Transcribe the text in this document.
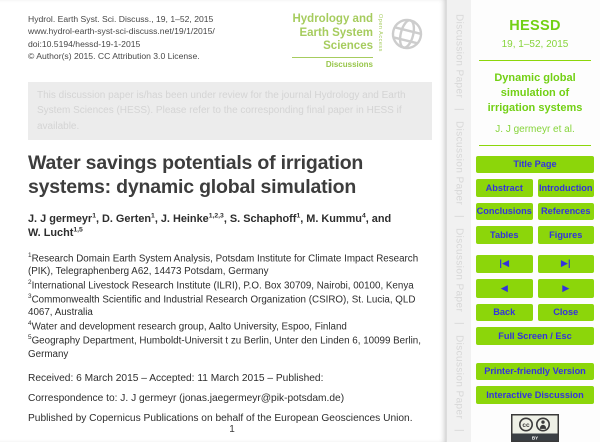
Hydrol. Earth Syst. Sci. Discuss., 19, 1–52, 2015
www.hydrol-earth-syst-sci-discuss.net/19/1/2015/
doi:10.5194/hessd-19-1-2015
© Author(s) 2015. CC Attribution 3.0 License.
Hydrology and
Earth System
Sciences
Discussions
Open Access
This discussion paper is/has been under review for the journal Hydrology and Earth System Sciences (HESS). Please refer to the corresponding final paper in HESS if available.
Water savings potentials of irrigation
systems: dynamic global simulation
J. J germeyr$^1$, D. Gerten$^1$, J. Heinke$^{1,2,3}$, S. Schaphoff$^1$, M. Kummu$^4$, and
W. Lucht$^{1,5}$
$^1$Research Domain Earth System Analysis, Potsdam Institute for Climate Impact Research (PIK), Telegraphenberg A62, 14473 Potsdam, Germany
$^2$International Livestock Research Institute (ILRI), P.O. Box 30709, Nairobi, 00100, Kenya
$^3$Commonwealth Scientific and Industrial Research Organization (CSIRO), St. Lucia, QLD 4067, Australia
$^4$Water and development research group, Aalto University, Espoo, Finland
$^5$Geography Department, Humboldt-Universit t zu Berlin, Unter den Linden 6, 10099 Berlin, Germany
Received: 6 March 2015 – Accepted: 11 March 2015 – Published:
Correspondence to: J. J germeyr (jonas.jaegermeyr@pik-potsdam.de)
Published by Copernicus Publications on behalf of the European Geosciences Union.
1
Discussion Paper
|
Discussion Paper
|
Discussion Paper
|
Discussion Paper
|
HESSD
19, 1–52, 2015
Dynamic global simulation of irrigation systems
J. J germeyr et al.
Title Page
Abstract	Introduction
Conclusions References
Tables	Figures
|◀	▶|
◀	▶
Back	Close
Full Screen / Esc
Printer-friendly Version
Interactive Discussion
cc
BY
